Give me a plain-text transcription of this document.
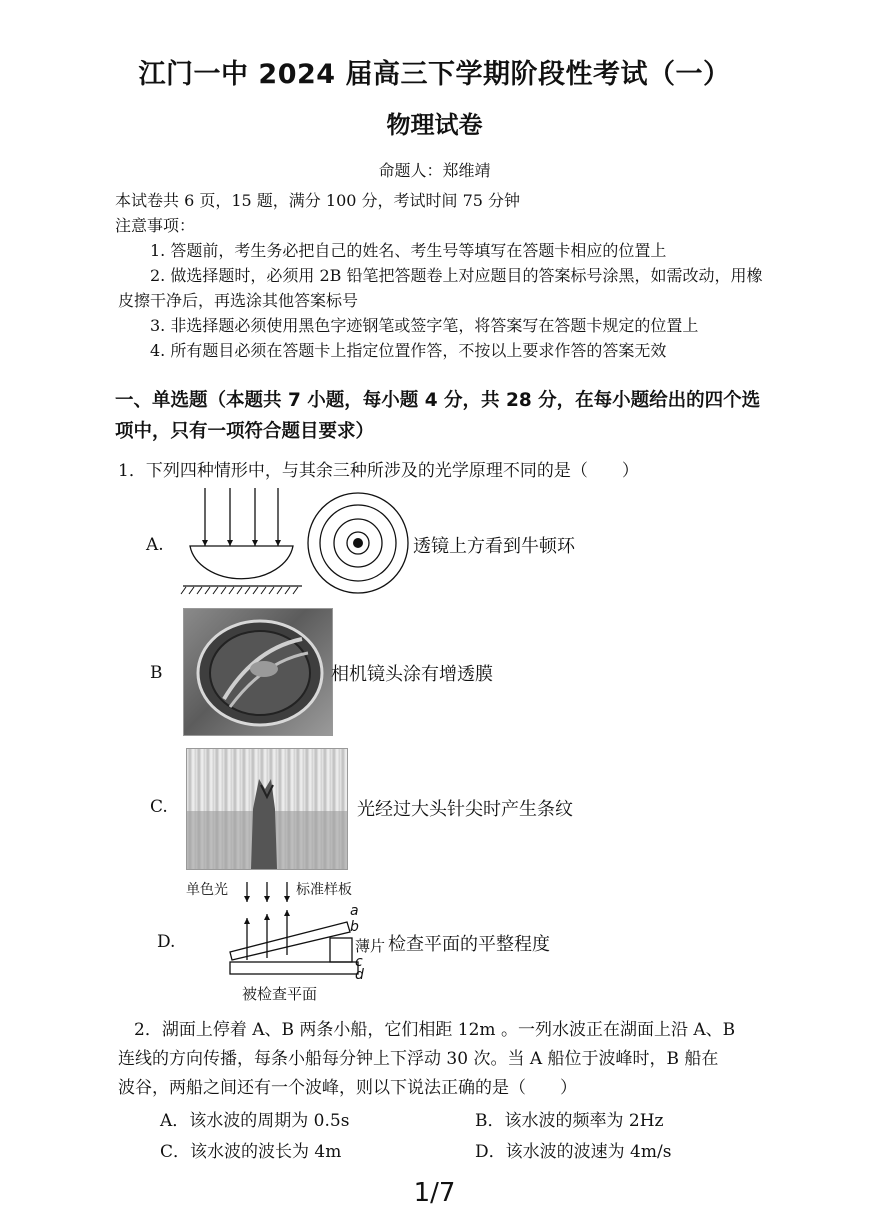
江门一中 2024 届高三下学期阶段性考试（一）
物理试卷
命题人：郑维靖
本试卷共 6 页，15 题，满分 100 分，考试时间 75 分钟
注意事项：
1. 答题前，考生务必把自己的姓名、考生号等填写在答题卡相应的位置上
2. 做选择题时，必须用 2B 铅笔把答题卷上对应题目的答案标号涂黑，如需改动，用橡
皮擦干净后，再选涂其他答案标号
3. 非选择题必须使用黑色字迹钢笔或签字笔，将答案写在答题卡规定的位置上
4. 所有题目必须在答题卡上指定位置作答，不按以上要求作答的答案无效
一、单选题（本题共 7 小题，每小题 4 分，共 28 分，在每小题给出的四个选
项中，只有一项符合题目要求）
1．下列四种情形中，与其余三种所涉及的光学原理不同的是（　　）
A.	透镜上方看到牛顿环
B	相机镜头涂有增透膜
C.	光经过大头针尖时产生条纹
D.
单色光	标准样板
a
b
薄片
c
d
被检查平面
检查平面的平整程度
2．湖面上停着 A、B 两条小船，它们相距 12m 。一列水波正在湖面上沿 A、B
连线的方向传播，每条小船每分钟上下浮动 30 次。当 A 船位于波峰时，B 船在
波谷，两船之间还有一个波峰，则以下说法正确的是（　　）
A．该水波的周期为 0.5s	B．该水波的频率为 2Hz
C．该水波的波长为 4m	D．该水波的波速为 4m/s
1/7
